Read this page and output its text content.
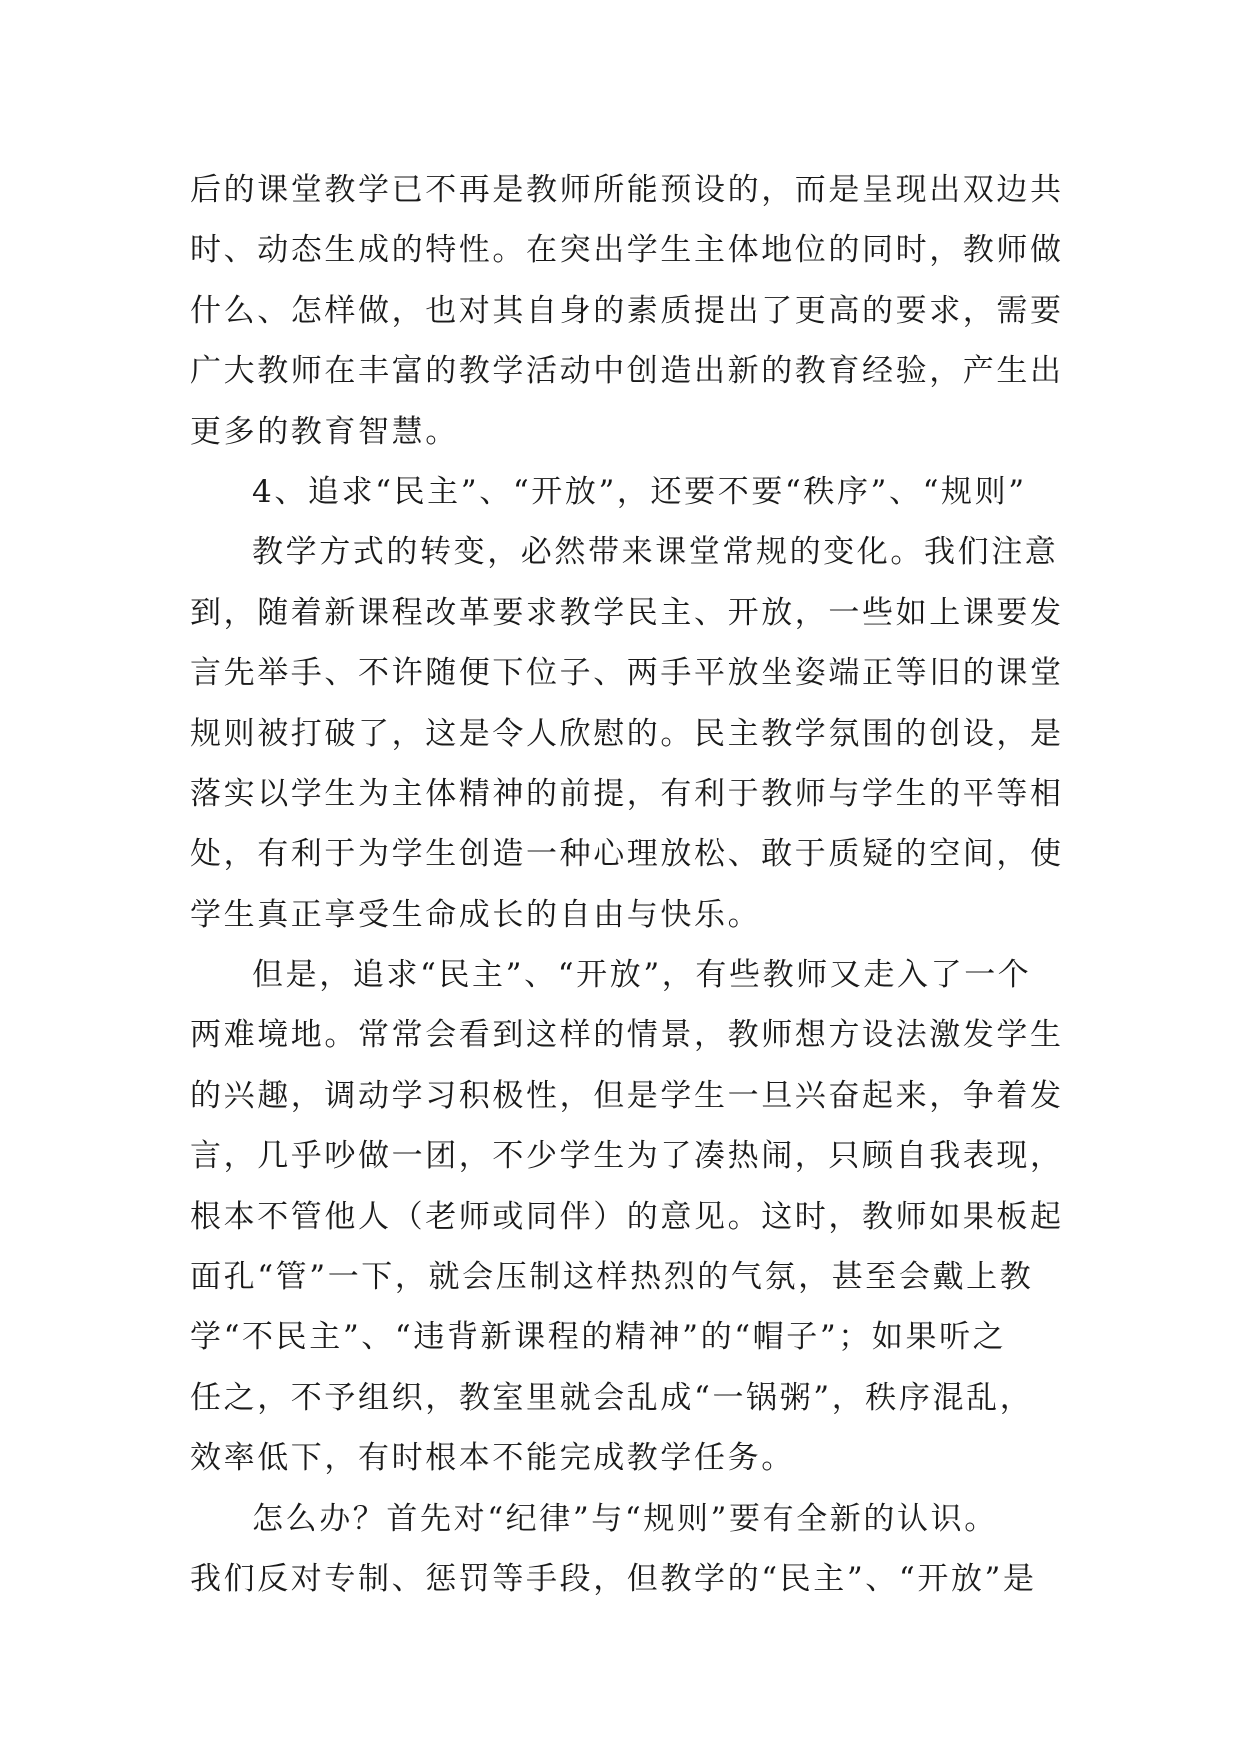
后的课堂教学已不再是教师所能预设的，而是呈现出双边共
时、动态生成的特性。在突出学生主体地位的同时，教师做
什么、怎样做，也对其自身的素质提出了更高的要求，需要
广大教师在丰富的教学活动中创造出新的教育经验，产生出
更多的教育智慧。
4、追求“民主”、“开放”，还要不要“秩序”、“规则”
教学方式的转变，必然带来课堂常规的变化。我们注意
到，随着新课程改革要求教学民主、开放，一些如上课要发
言先举手、不许随便下位子、两手平放坐姿端正等旧的课堂
规则被打破了，这是令人欣慰的。民主教学氛围的创设，是
落实以学生为主体精神的前提，有利于教师与学生的平等相
处，有利于为学生创造一种心理放松、敢于质疑的空间，使
学生真正享受生命成长的自由与快乐。
但是，追求“民主”、“开放”，有些教师又走入了一个
两难境地。常常会看到这样的情景，教师想方设法激发学生
的兴趣，调动学习积极性，但是学生一旦兴奋起来，争着发
言，几乎吵做一团，不少学生为了凑热闹，只顾自我表现，
根本不管他人（老师或同伴）的意见。这时，教师如果板起
面孔“管”一下，就会压制这样热烈的气氛，甚至会戴上教
学“不民主”、“违背新课程的精神”的“帽子”；如果听之
任之，不予组织，教室里就会乱成“一锅粥”，秩序混乱，
效率低下，有时根本不能完成教学任务。
怎么办？首先对“纪律”与“规则”要有全新的认识。
我们反对专制、惩罚等手段，但教学的“民主”、“开放”是
